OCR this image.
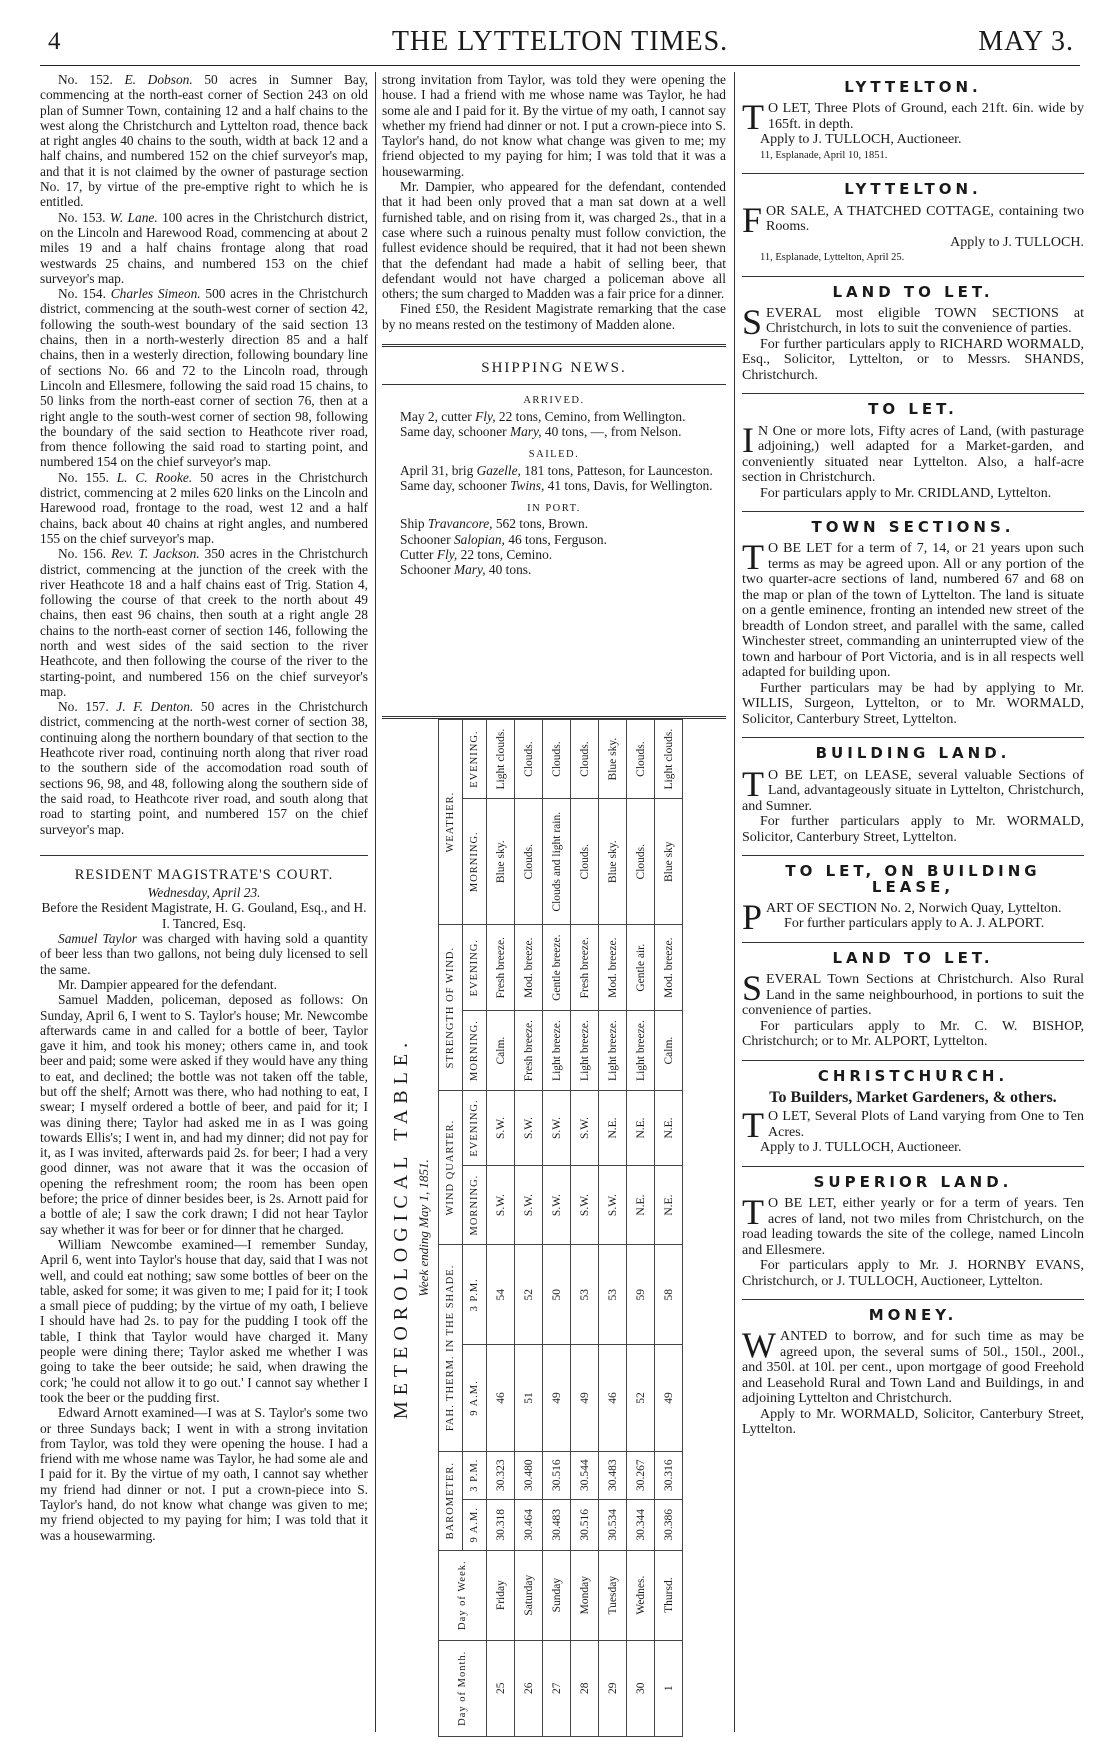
4	THE LYTTELTON TIMES.	MAY 3.

No. 152. E. Dobson. 50 acres in Sumner Bay, commencing at the north-east corner of Section 243 on old plan of Sumner Town, containing 12 and a half chains to the west along the Christchurch and Lyttelton road, thence back at right angles 40 chains to the south, width at back 12 and a half chains, and numbered 152 on the chief surveyor's map, and that it is not claimed by the owner of pasturage section No. 17, by virtue of the pre-emptive right to which he is entitled.

No. 153. W. Lane. 100 acres in the Christchurch district, on the Lincoln and Harewood Road, commencing at about 2 miles 19 and a half chains frontage along that road westwards 25 chains, and numbered 153 on the chief surveyor's map.

No. 154. Charles Simeon. 500 acres in the Christchurch district, commencing at the south-west corner of section 42, following the south-west boundary of the said section 13 chains, then in a north-westerly direction 85 and a half chains, then in a westerly direction, following boundary line of sections No. 66 and 72 to the Lincoln road, through Lincoln and Ellesmere, following the said road 15 chains, to 50 links from the north-east corner of section 76, then at a right angle to the south-west corner of section 98, following the boundary of the said section to Heathcote river road, from thence following the said road to starting point, and numbered 154 on the chief surveyor's map.

No. 155. L. C. Rooke. 50 acres in the Christchurch district, commencing at 2 miles 620 links on the Lincoln and Harewood road, frontage to the road, west 12 and a half chains, back about 40 chains at right angles, and numbered 155 on the chief surveyor's map.

No. 156. Rev. T. Jackson. 350 acres in the Christchurch district, commencing at the junction of the creek with the river Heathcote 18 and a half chains east of Trig. Station 4, following the course of that creek to the north about 49 chains, then east 96 chains, then south at a right angle 28 chains to the north-east corner of section 146, following the north and west sides of the said section to the river Heathcote, and then following the course of the river to the starting-point, and numbered 156 on the chief surveyor's map.

No. 157. J. F. Denton. 50 acres in the Christchurch district, commencing at the north-west corner of section 38, continuing along the northern boundary of that section to the Heathcote river road, continuing north along that river road to the southern side of the accomodation road south of sections 96, 98, and 48, following along the southern side of the said road, to Heathcote river road, and south along that road to starting point, and numbered 157 on the chief surveyor's map.

RESIDENT MAGISTRATE'S COURT.
Wednesday, April 23.

Before the Resident Magistrate, H. G. Gouland, Esq., and H. I. Tancred, Esq.

Samuel Taylor was charged with having sold a quantity of beer less than two gallons, not being duly licensed to sell the same.

Mr. Dampier appeared for the defendant.

Samuel Madden, policeman, deposed as follows: On Sunday, April 6, I went to S. Taylor's house; Mr. Newcombe afterwards came in and called for a bottle of beer, Taylor gave it him, and took his money; others came in, and took beer and paid; some were asked if they would have any thing to eat, and declined; the bottle was not taken off the table, but off the shelf; Arnott was there, who had nothing to eat, I swear; I myself ordered a bottle of beer, and paid for it; I was dining there; Taylor had asked me in as I was going towards Ellis's; I went in, and had my dinner; did not pay for it, as I was invited, afterwards paid 2s. for beer; I had a very good dinner, was not aware that it was the occasion of opening the refreshment room; the room has been open before; the price of dinner besides beer, is 2s. Arnott paid for a bottle of ale; I saw the cork drawn; I did not hear Taylor say whether it was for beer or for dinner that he charged.

William Newcombe examined—I remember Sunday, April 6, went into Taylor's house that day, said that I was not well, and could eat nothing; saw some bottles of beer on the table, asked for some; it was given to me; I paid for it; I took a small piece of pudding; by the virtue of my oath, I believe I should have had 2s. to pay for the pudding I took off the table, I think that Taylor would have charged it. Many people were dining there; Taylor asked me whether I was going to take the beer outside; he said, when drawing the cork; 'he could not allow it to go out.' I cannot say whether I took the beer or the pudding first.

Edward Arnott examined—I was at S. Taylor's some two or three Sundays back; I went in with a strong invitation from Taylor, was told they were opening the house. I had a friend with me whose name was Taylor, he had some ale and I paid for it. By the virtue of my oath, I cannot say whether my friend had dinner or not. I put a crown-piece into S. Taylor's hand, do not know what change was given to me; my friend objected to my paying for him; I was told that it was a housewarming.

strong invitation from Taylor, was told they were opening the house. I had a friend with me whose name was Taylor, he had some ale and I paid for it. By the virtue of my oath, I cannot say whether my friend had dinner or not. I put a crown-piece into S. Taylor's hand, do not know what change was given to me; my friend objected to my paying for him; I was told that it was a housewarming.

Mr. Dampier, who appeared for the defendant, contended that it had been only proved that a man sat down at a well furnished table, and on rising from it, was charged 2s., that in a case where such a ruinous penalty must follow conviction, the fullest evidence should be required, that it had not been shewn that the defendant had made a habit of selling beer, that defendant would not have charged a policeman above all others; the sum charged to Madden was a fair price for a dinner.

Fined £50, the Resident Magistrate remarking that the case by no means rested on the testimony of Madden alone.

SHIPPING NEWS.
ARRIVED.

May 2, cutter Fly, 22 tons, Cemino, from Wellington.

Same day, schooner Mary, 40 tons, —, from Nelson.

SAILED.

April 31, brig Gazelle, 181 tons, Patteson, for Launceston.

Same day, schooner Twins, 41 tons, Davis, for Wellington.

IN PORT.

Ship Travancore, 562 tons, Brown.

Schooner Salopian, 46 tons, Ferguson.

Cutter Fly, 22 tons, Cemino.

Schooner Mary, 40 tons.

METEOROLOGICAL TABLE. Week ending May 1, 1851.
Day of Month.	Day of Week.	BAROMETER.		FAH. THERM. IN THE SHADE.		WIND QUARTER.		STRENGTH OF WIND.		WEATHER.	
		9 A.M.	3 P.M.	9 A.M.	3 P.M.	MORNING.	EVENING.	MORNING.	EVENING.	MORNING.	EVENING.
25	Friday	30.318	30.323	46	54	S.W.	S.W.	Calm.	Fresh breeze.	Blue sky.	Light clouds.
26	Saturday	30.464	30.480	51	52	S.W.	S.W.	Fresh breeze.	Mod. breeze.	Clouds.	Clouds.
27	Sunday	30.483	30.516	49	50	S.W.	S.W.	Light breeze.	Gentle breeze.	Clouds and light rain.	Clouds.
28	Monday	30.516	30.544	49	53	S.W.	S.W.	Light breeze.	Fresh breeze.	Clouds.	Clouds.
29	Tuesday	30.534	30.483	46	53	S.W.	N.E.	Light breeze.	Mod. breeze.	Blue sky.	Blue sky.
30	Wednes.	30.344	30.267	52	59	N.E.	N.E.	Light breeze.	Gentle air.	Clouds.	Clouds.
1	Thursd.	30.386	30.316	49	58	N.E.	N.E.	Calm.	Mod. breeze.	Blue sky	Light clouds.
LYTTELTON.
T O LET, Three Plots of Ground, each 21ft. 6in. wide by 165ft. in depth.
Apply to J. TULLOCH, Auctioneer.
11, Esplanade, April 10, 1851.
LYTTELTON.
FOR SALE, A THATCHED COTTAGE, containing two Rooms.
Apply to J. TULLOCH.
11, Esplanade, Lyttelton, April 25.
LAND TO LET.
SEVERAL most eligible TOWN SECTIONS at Christchurch, in lots to suit the convenience of parties.
For further particulars apply to RICHARD WORMALD, Esq., Solicitor, Lyttelton, or to Messrs. SHANDS, Christchurch.
TO LET.
I N One or more lots, Fifty acres of Land, (with pasturage adjoining,) well adapted for a Market-garden, and conveniently situated near Lyttelton. Also, a half-acre section in Christchurch.
For particulars apply to Mr. CRIDLAND, Lyttelton.
TOWN SECTIONS.
T O BE LET for a term of 7, 14, or 21 years upon such terms as may be agreed upon. All or any portion of the two quarter-acre sections of land, numbered 67 and 68 on the map or plan of the town of Lyttelton. The land is situate on a gentle eminence, fronting an intended new street of the breadth of London street, and parallel with the same, called Winchester street, commanding an uninterrupted view of the town and harbour of Port Victoria, and is in all respects well adapted for building upon.
Further particulars may be had by applying to Mr. WILLIS, Surgeon, Lyttelton, or to Mr. WORMALD, Solicitor, Canterbury Street, Lyttelton.
BUILDING LAND.
T O BE LET, on LEASE, several valuable Sections of Land, advantageously situate in Lyttelton, Christchurch, and Sumner.
For further particulars apply to Mr. WORMALD, Solicitor, Canterbury Street, Lyttelton.
TO LET, ON BUILDING LEASE,
PART OF SECTION No. 2, Norwich Quay, Lyttelton.
For further particulars apply to A. J. ALPORT.
LAND TO LET.
SEVERAL Town Sections at Christchurch. Also Rural Land in the same neighbourhood, in portions to suit the convenience of parties.
For particulars apply to Mr. C. W. BISHOP, Christchurch; or to Mr. ALPORT, Lyttelton.
CHRISTCHURCH.
To Builders, Market Gardeners, & others.
T O LET, Several Plots of Land varying from One to Ten Acres.
Apply to J. TULLOCH, Auctioneer.
SUPERIOR LAND.
T O BE LET, either yearly or for a term of years. Ten acres of land, not two miles from Christchurch, on the road leading towards the site of the college, named Lincoln and Ellesmere.
For particulars apply to Mr. J. HORNBY EVANS, Christchurch, or J. TULLOCH, Auctioneer, Lyttelton.
MONEY.
WANTED to borrow, and for such time as may be agreed upon, the several sums of 50l., 150l., 200l., and 350l. at 10l. per cent., upon mortgage of good Freehold and Leasehold Rural and Town Land and Buildings, in and adjoining Lyttelton and Christchurch.
Apply to Mr. WORMALD, Solicitor, Canterbury Street, Lyttelton.
